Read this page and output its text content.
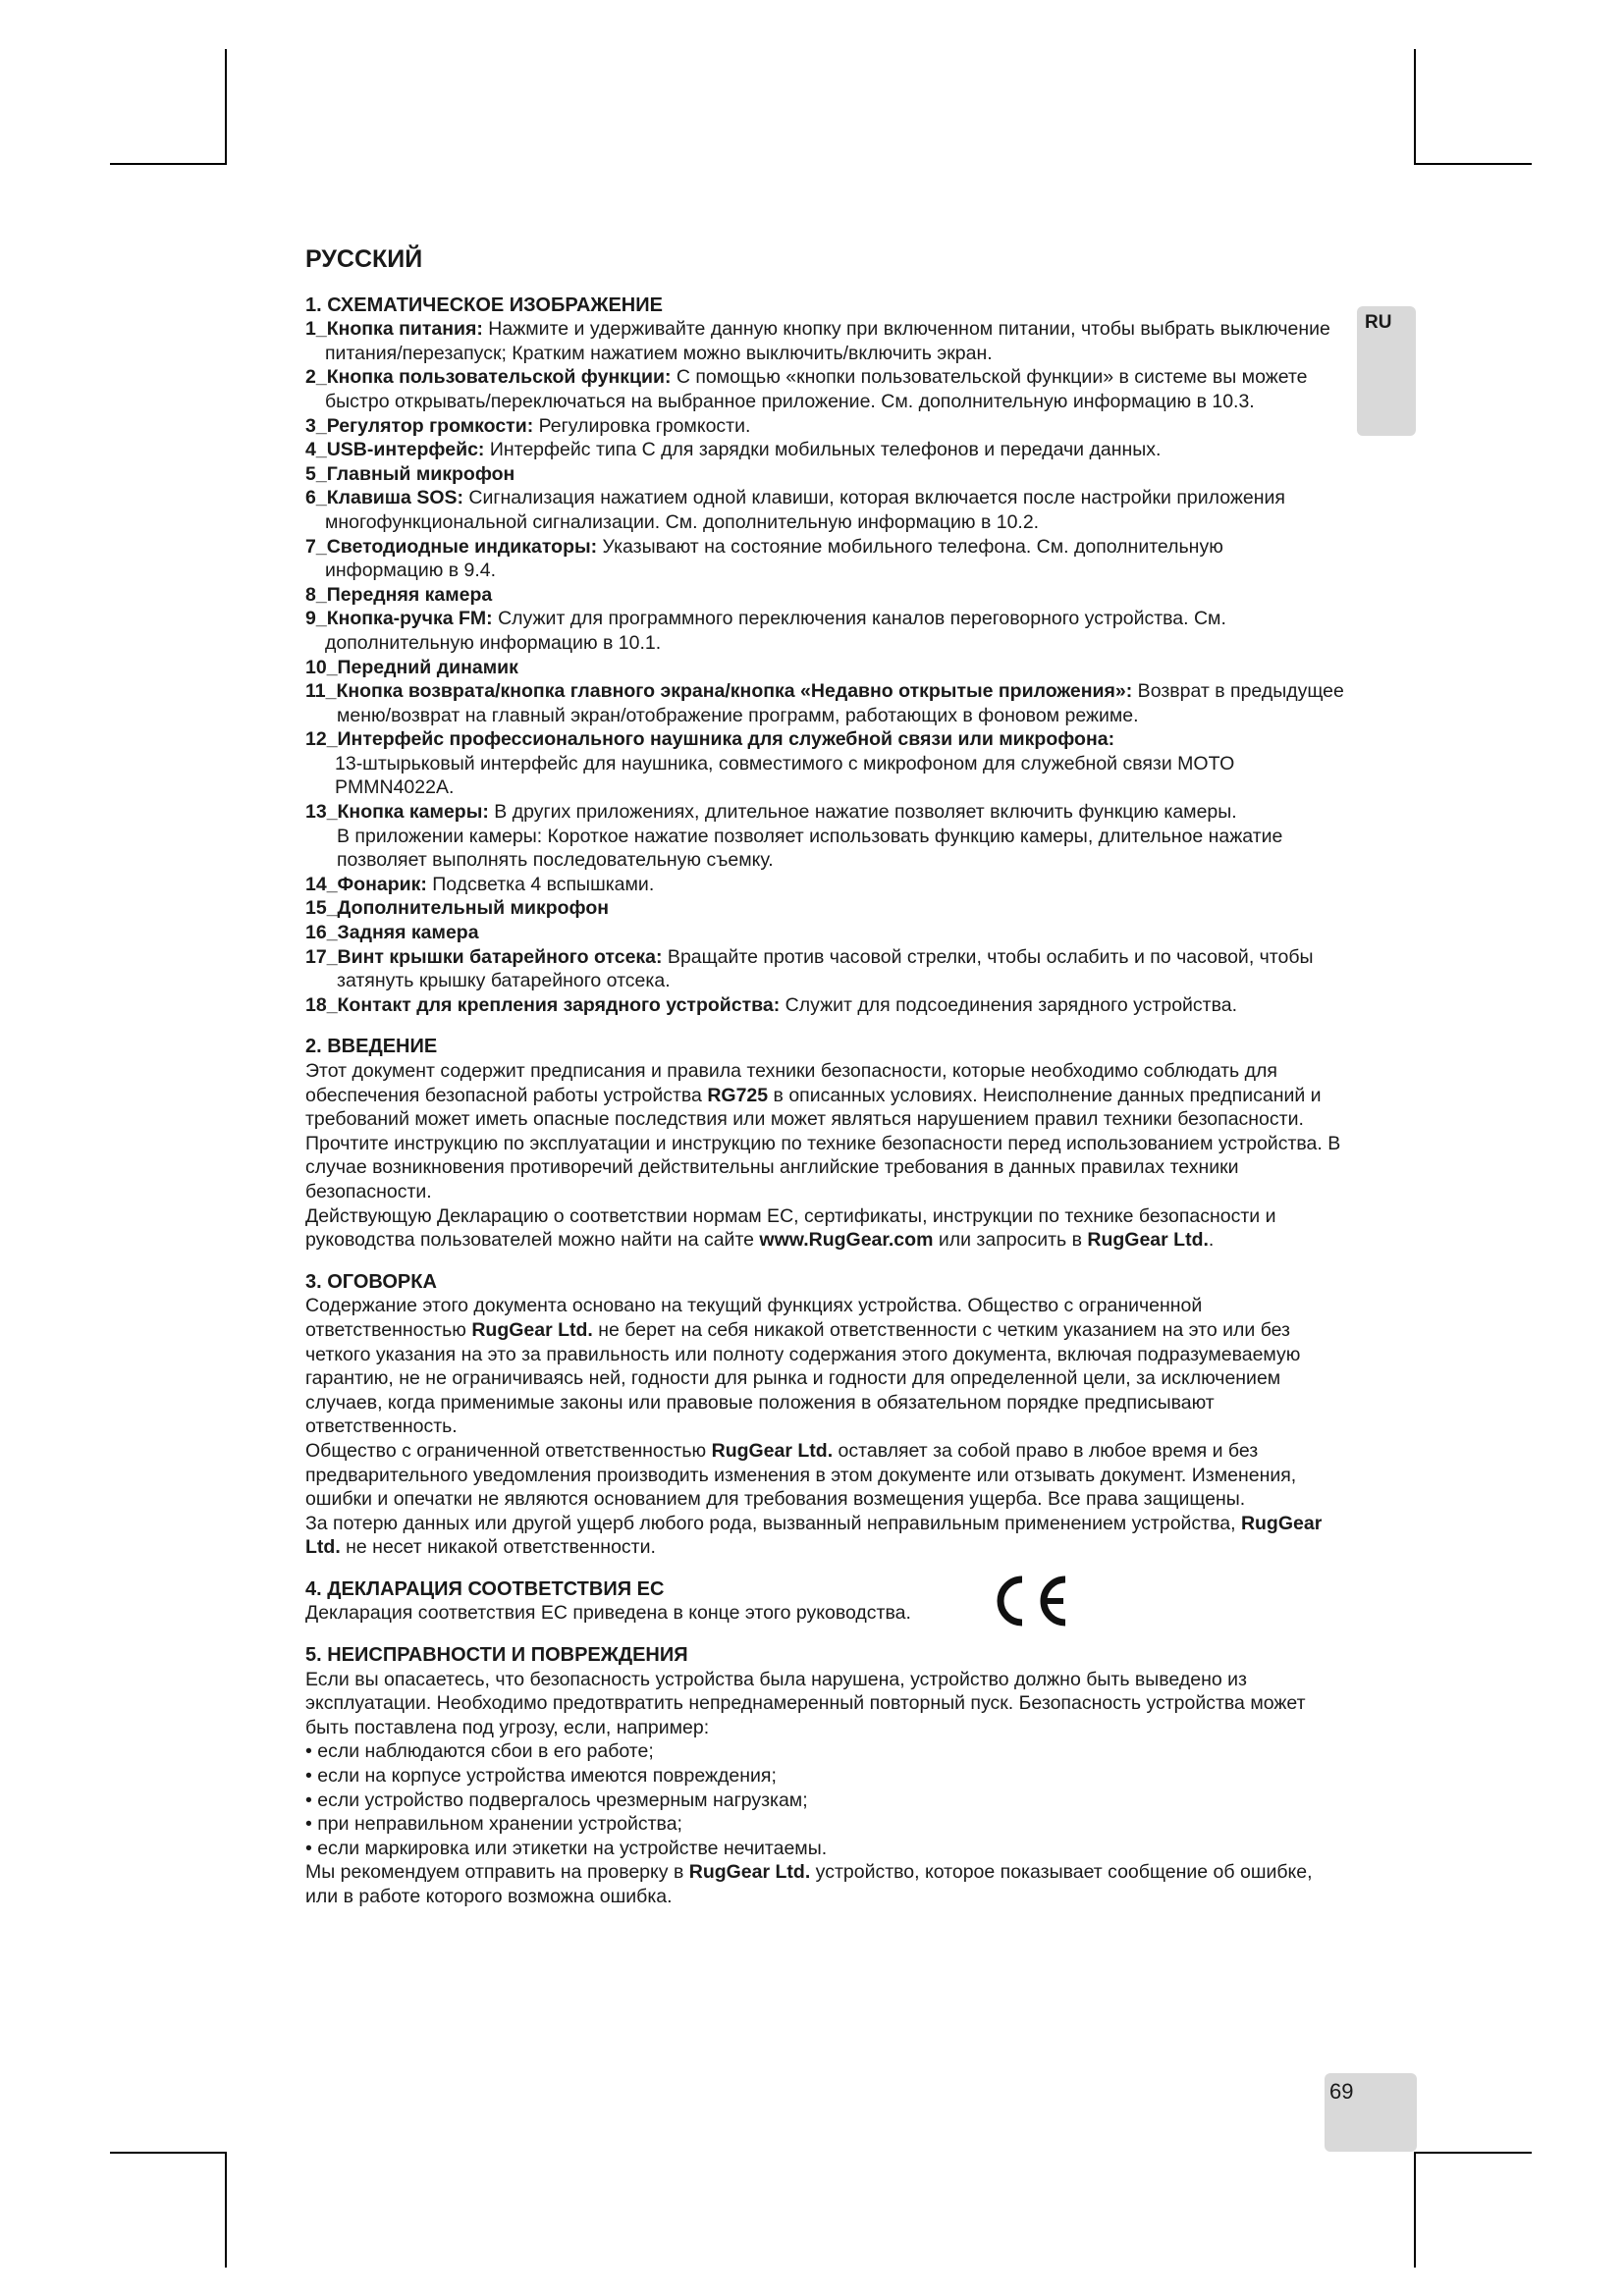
RU
69
РУССКИЙ
1. СХЕМАТИЧЕСКОЕ ИЗОБРАЖЕНИЕ

1_Кнопка питания: Нажмите и удерживайте данную кнопку при включенном питании, чтобы выбрать выключение питания/перезапуск; Кратким нажатием можно выключить/включить экран.

2_Кнопка пользовательской функции: С помощью «кнопки пользовательской функции» в системе вы можете быстро открывать/переключаться на выбранное приложение. См. дополнительную информацию в 10.3.

3_Регулятор громкости: Регулировка громкости.

4_USB-интерфейс: Интерфейс типа С для зарядки мобильных телефонов и передачи данных.

5_Главный микрофон

6_Клавиша SOS: Сигнализация нажатием одной клавиши, которая включается после настройки приложения многофункциональной сигнализации. См. дополнительную информацию в 10.2.

7_Светодиодные индикаторы: Указывают на состояние мобильного телефона. См. дополнительную информацию в 9.4.

8_Передняя камера

9_Кнопка-ручка FM: Служит для программного переключения каналов переговорного устройства. См. дополнительную информацию в 10.1.

10_Передний динамик

11_Кнопка возврата/кнопка главного экрана/кнопка «Недавно открытые приложения»: Возврат в предыдущее меню/возврат на главный экран/отображение программ, работающих в фоновом режиме.

12_Интерфейс профессионального наушника для служебной связи или микрофона:

13-штырьковый интерфейс для наушника, совместимого с микрофоном для служебной связи MOTO PMMN4022A.

13_Кнопка камеры: В других приложениях, длительное нажатие позволяет включить функцию камеры.

В приложении камеры: Короткое нажатие позволяет использовать функцию камеры, длительное нажатие позволяет выполнять последовательную съемку.

14_Фонарик: Подсветка 4 вспышками.

15_Дополнительный микрофон

16_Задняя камера

17_Винт крышки батарейного отсека: Вращайте против часовой стрелки, чтобы ослабить и по часовой, чтобы затянуть крышку батарейного отсека.

18_Контакт для крепления зарядного устройства: Служит для подсоединения зарядного устройства.

2. ВВЕДЕНИЕ

Этот документ содержит предписания и правила техники безопасности, которые необходимо соблюдать для обеспечения безопасной работы устройства RG725 в описанных условиях. Неисполнение данных предписаний и требований может иметь опасные последствия или может являться нарушением правил техники безопасности.

Прочтите инструкцию по эксплуатации и инструкцию по технике безопасности перед использованием устройства. В случае возникновения противоречий действительны английские требования в данных правилах техники безопасности.

Действующую Декларацию о соответствии нормам ЕС, сертификаты, инструкции по технике безопасности и руководства пользователей можно найти на сайте www.RugGear.com или запросить в RugGear Ltd..

3. ОГОВОРКА

Содержание этого документа основано на текущий функциях устройства. Общество с ограниченной ответственностью RugGear Ltd. не берет на себя никакой ответственности с четким указанием на это или без четкого указания на это за правильность или полноту содержания этого документа, включая подразумеваемую гарантию, не не ограничиваясь ней, годности для рынка и годности для определенной цели, за исключением случаев, когда применимые законы или правовые положения в обязательном порядке предписывают ответственность.

Общество с ограниченной ответственностью RugGear Ltd. оставляет за собой право в любое время и без предварительного уведомления производить изменения в этом документе или отзывать документ. Изменения, ошибки и опечатки не являются основанием для требования возмещения ущерба. Все права защищены.

За потерю данных или другой ущерб любого рода, вызванный неправильным применением устройства, RugGear Ltd. не несет никакой ответственности.

4. ДЕКЛАРАЦИЯ СООТВЕТСТВИЯ ЕС

Декларация соответствия ЕС приведена в конце этого руководства.

5. НЕИСПРАВНОСТИ И ПОВРЕЖДЕНИЯ

Если вы опасаетесь, что безопасность устройства была нарушена, устройство должно быть выведено из эксплуатации. Необходимо предотвратить непреднамеренный повторный пуск. Безопасность устройства может быть поставлена под угрозу, если, например:

• если наблюдаются сбои в его работе;
• если на корпусе устройства имеются повреждения;
• если устройство подвергалось чрезмерным нагрузкам;
• при неправильном хранении устройства;
• если маркировка или этикетки на устройстве нечитаемы.

Мы рекомендуем отправить на проверку в RugGear Ltd. устройство, которое показывает сообщение об ошибке, или в работе которого возможна ошибка.
